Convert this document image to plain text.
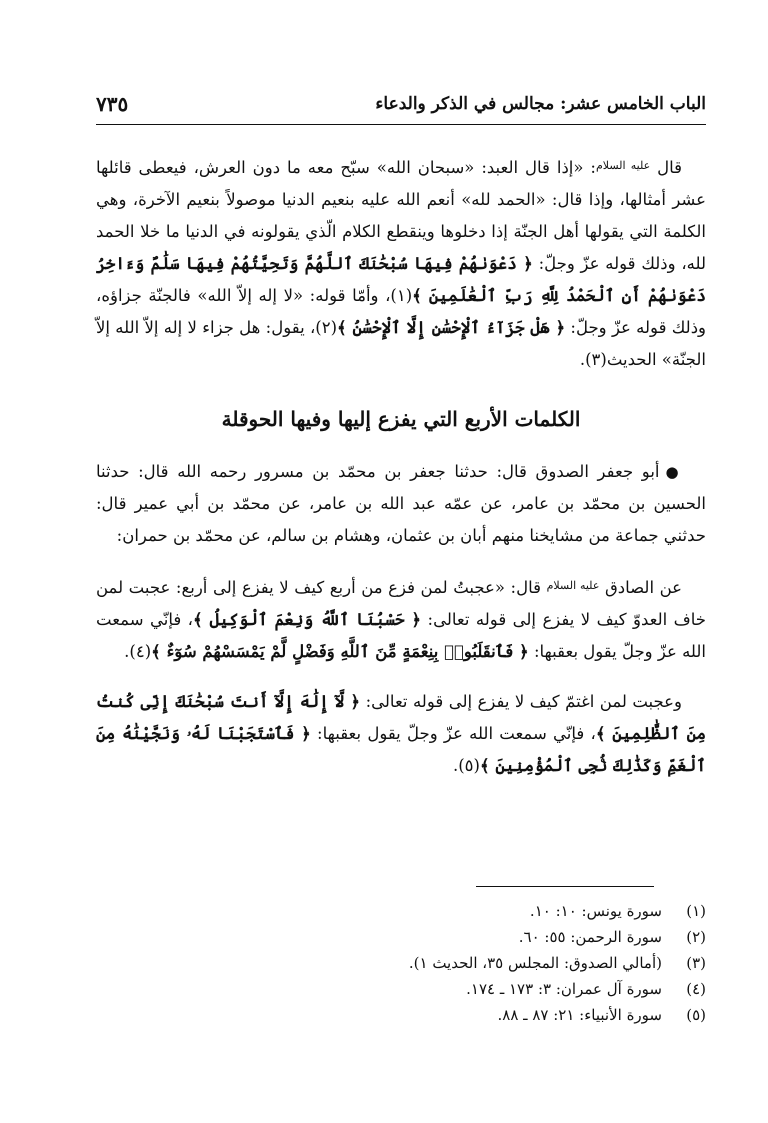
الباب الخامس عشر: مجالس في الذكر والدعاء
٧٣٥

قال $^{عليه السلام}$: «إذا قال العبد: «سبحان الله» سبّح معه ما دون العرش، فيعطى قائلها عشر أمثالها، وإذا قال: «الحمد لله» أنعم الله عليه بنعيم الدنيا موصولاً بنعيم الآخرة، وهي الكلمة التي يقولها أهل الجنّة إذا دخلوها وينقطع الكلام الّذي يقولونه في الدنيا ما خلا الحمد لله، وذلك قوله عزّ وجلّ: ﴿ دَعْوَىٰهُمْ فِيهَا سُبْحَٰنَكَ ٱللَّهُمَّ وَتَحِيَّتُهُمْ فِيهَا سَلَٰمٌ وَءَاخِرُ دَعْوَىٰهُمْ أَنِ ٱلْحَمْدُ لِلَّهِ رَبِّ ٱلْعَٰلَمِينَ ﴾(١)، وأمّا قوله: «لا إله إلاّ الله» فالجنّة جزاؤه، وذلك قوله عزّ وجلّ: ﴿ هَلْ جَزَآءُ ٱلْإِحْسَٰنِ إِلَّا ٱلْإِحْسَٰنُ ﴾(٢)، يقول: هل جزاء لا إله إلاّ الله إلاّ الجنّة» الحديث(٣).

الكلمات الأربع التي يفزع إليها وفيها الحوقلة

●أبو جعفر الصدوق قال: حدثنا جعفر بن محمّد بن مسرور رحمه الله قال: حدثنا الحسين بن محمّد بن عامر، عن عمّه عبد الله بن عامر، عن محمّد بن أبي عمير قال: حدثني جماعة من مشايخنا منهم أبان بن عثمان، وهشام بن سالم، عن محمّد بن حمران:

عن الصادق $^{عليه السلام}$ قال: «عجبتُ لمن فزع من أربع كيف لا يفزع إلى أربع: عجبت لمن خاف العدوّ كيف لا يفزع إلى قوله تعالى: ﴿ حَسْبُنَا ٱللَّهُ وَنِعْمَ ٱلْوَكِيلُ ﴾، فإنّي سمعت الله عزّ وجلّ يقول بعقبها: ﴿ فَٱنقَلَبُوا۟ بِنِعْمَةٍ مِّنَ ٱللَّهِ وَفَضْلٍ لَّمْ يَمْسَسْهُمْ سُوٓءٌ ﴾(٤).

وعجبت لمن اغتمّ كيف لا يفزع إلى قوله تعالى: ﴿ لَّآ إِلَٰهَ إِلَّآ أَنتَ سُبْحَٰنَكَ إِنِّى كُنتُ مِنَ ٱلظَّٰلِمِينَ ﴾، فإنّي سمعت الله عزّ وجلّ يقول بعقبها: ﴿ فَٱسْتَجَبْنَا لَهُۥ وَنَجَّيْنَٰهُ مِنَ ٱلْغَمِّ وَكَذَٰلِكَ نُۨجِى ٱلْمُؤْمِنِينَ ﴾(٥).

(١)
سورة يونس: ١٠: ١٠.
(٢)
سورة الرحمن: ٥٥: ٦٠.
(٣)
(أمالي الصدوق: المجلس ٣٥، الحديث ١).
(٤)
سورة آل عمران: ٣: ١٧٣ ـ ١٧٤.
(٥)
سورة الأنبياء: ٢١: ٨٧ ـ ٨٨.
